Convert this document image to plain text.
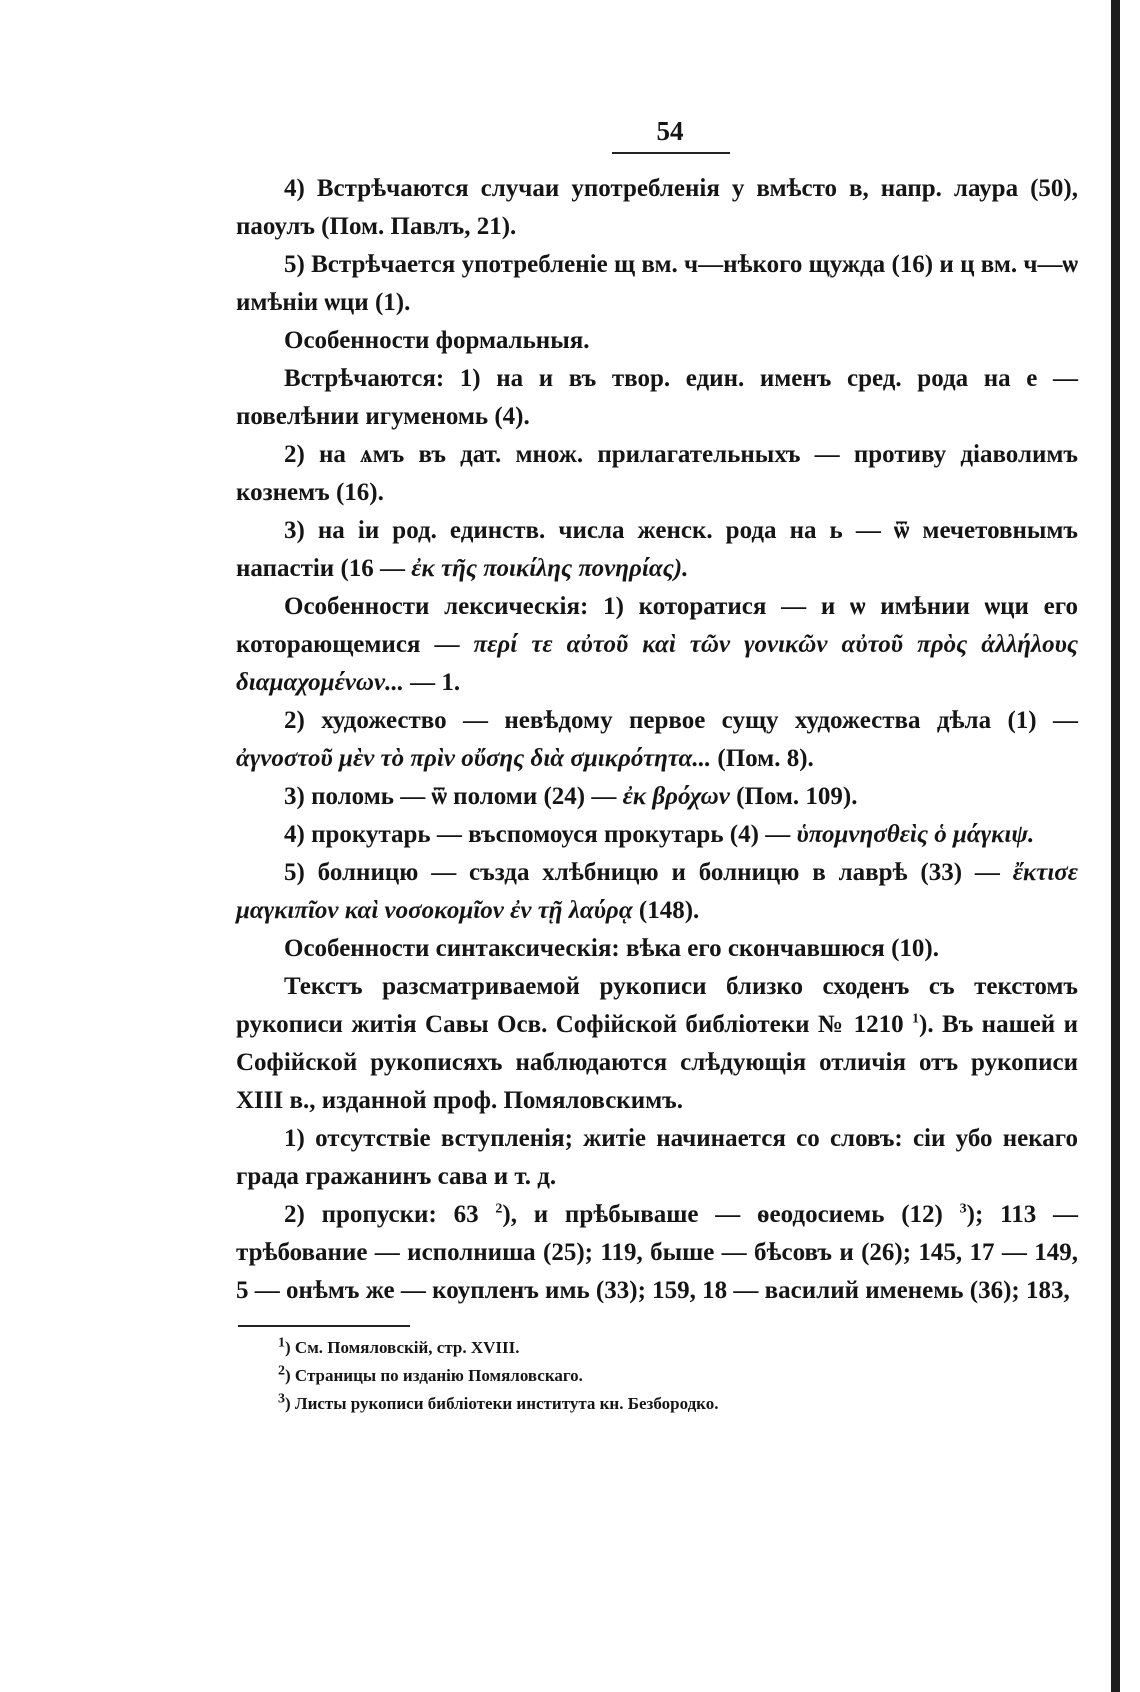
54

4) Встрѣчаются случаи употребленія у вмѣсто в, напр. лаура (50), паоулъ (Пом. Павлъ, 21).

5) Встрѣчается употребленіе щ вм. ч—нѣкого щужда (16) и ц вм. ч—ѡ имѣніи ѡци (1).

Особенности формальныя.

Встрѣчаются: 1) на и въ твор. един. именъ сред. рода на е — повелѣнии игуменомь (4).

2) на ѧмъ въ дат. множ. прилагательныхъ — противу діаволимъ кознемъ (16).

3) на іи род. единств. числа женск. рода на ь — ѿ мечетовнымъ напастіи (16 — ἐκ τῆς ποικίλης πονηρίας).

Особенности лексическія: 1) которатися — и ѡ имѣнии ѡци его которающемися — περί τε αὐτοῦ καὶ τῶν γονικῶν αὐτοῦ πρὸς ἀλλήλους διαμαχομένων... — 1.

2) художество — невѣдому первое сущу художества дѣла (1) — ἀγνοστοῦ μὲν τὸ πρὶν οὔσης διὰ σμικρότητα... (Пом. 8).

3) поломь — ѿ поломи (24) — ἐκ βρόχων (Пом. 109).

4) прокутарь — въспомоуся прокутарь (4) — ὑπομνησθεὶς ὁ μάγκιψ.

5) болницю — създа хлѣбницю и болницю в лаврѣ (33) — ἔκτισε μαγκιπῖον καὶ νοσοκομῖον ἐν τῇ λαύρᾳ (148).

Особенности синтаксическія: вѣка его скончавшюся (10).

Текстъ разсматриваемой рукописи близко сходенъ съ текстомъ рукописи житія Савы Осв. Софійской библіотеки № 1210 $^1$). Въ нашей и Софійской рукописяхъ наблюдаются слѣдующія отличія отъ рукописи XIII в., изданной проф. Помяловскимъ.

1) отсутствіе вступленія; житіе начинается со словъ: сіи убо некаго града гражанинъ сава и т. д.

2) пропуски: 63 $^2$), и прѣбываше — ѳеодосиемь (12) $^3$); 113 — трѣбование — исполниша (25); 119, быше — бѣсовъ и (26); 145, 17 — 149, 5 — онѣмъ же — коупленъ имь (33); 159, 18 — василий именемь (36); 183,

$^1$) См. Помяловскій, стр. XVIII.
$^2$) Страницы по изданію Помяловскаго.
$^3$) Листы рукописи библіотеки института кн. Безбородко.
